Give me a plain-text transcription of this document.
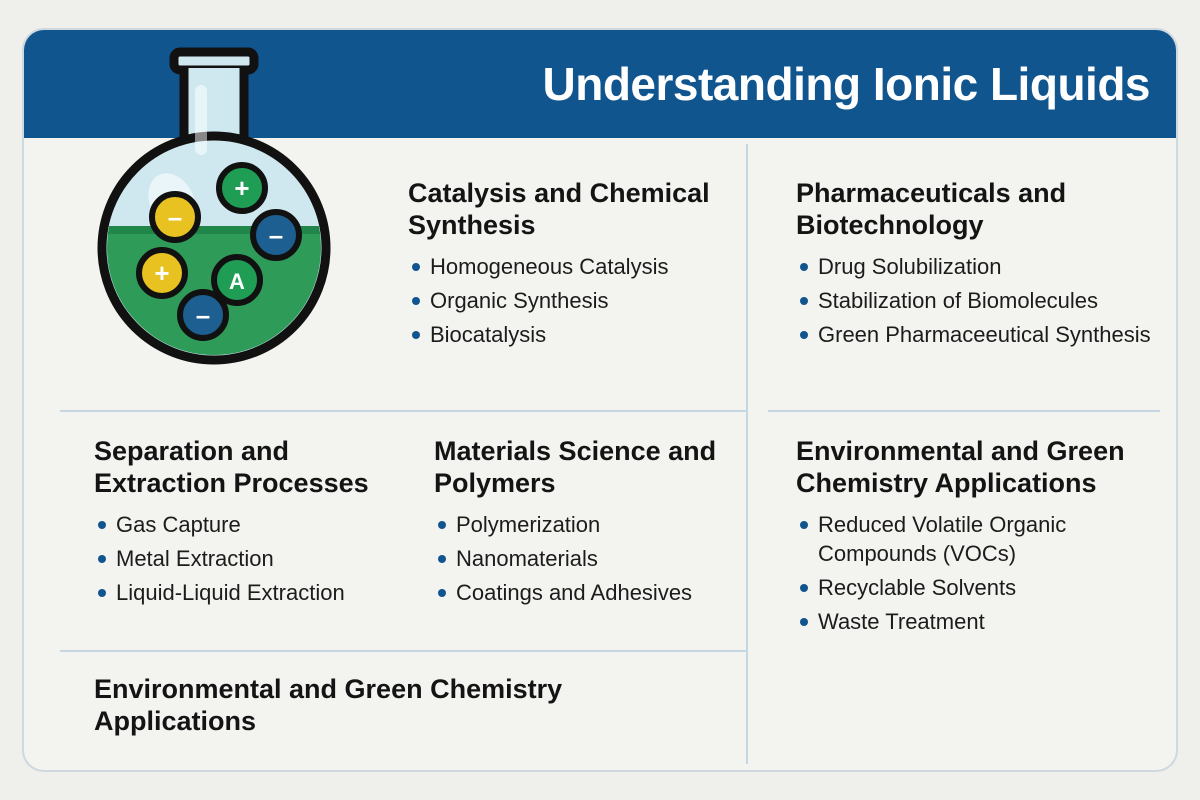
Understanding Ionic Liquids
+
–
–
+	A
–
Catalysis and Chemical Synthesis
Homogeneous Catalysis
Organic Synthesis
Biocatalysis
Pharmaceuticals and Biotechnology
Drug Solubilization
Stabilization of Biomolecules
Green Pharmaceeutical Synthesis
Separation and Extraction Processes
Gas Capture
Metal Extraction
Liquid-Liquid Extraction
Materials Science and Polymers
Polymerization
Nanomaterials
Coatings and Adhesives
Environmental and Green Chemistry Applications
Reduced Volatile Organic Compounds (VOCs)
Recyclable Solvents
Waste Treatment
Environmental and Green Chemistry Applications
